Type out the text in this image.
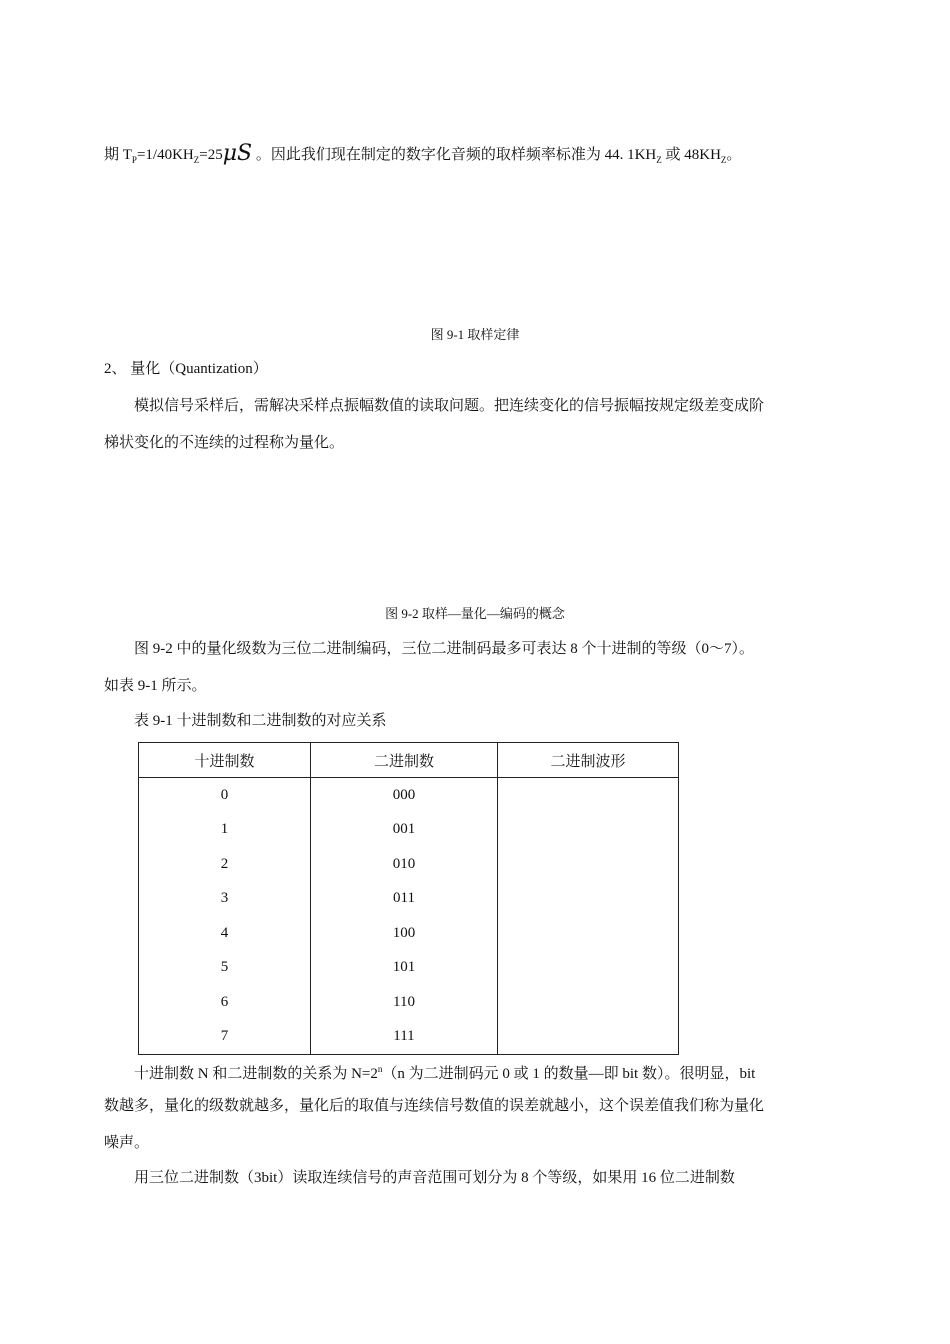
期 $T_P=1/40KH_Z=25\mu S$ 。因此我们现在制定的数字化音频的取样频率标准为 44. $1KH_Z$ 或 $48KH_Z$。
图 9-1 取样定律
2、 量化（Quantization）
模拟信号采样后，需解决采样点振幅数值的读取问题。把连续变化的信号振幅按规定级差变成阶
梯状变化的不连续的过程称为量化。
图 9-2 取样—量化—编码的概念
图 9-2 中的量化级数为三位二进制编码，三位二进制码最多可表达 8 个十进制的等级（0～7）。
如表 9-1 所示。
表 9-1 十进制数和二进制数的对应关系
十进制数	二进制数	二进制波形
0	000	
1	001	
2	010	
3	011	
4	100	
5	101	
6	110	
7	111	
十进制数 N 和二进制数的关系为 $N=2^n(n$ 为二进制码元 0 或 1 的数量—即 bit 数）。很明显，bit
数越多，量化的级数就越多，量化后的取值与连续信号数值的误差就越小，这个误差值我们称为量化
噪声。
用三位二进制数（3bit）读取连续信号的声音范围可划分为 8 个等级，如果用 16 位二进制数
